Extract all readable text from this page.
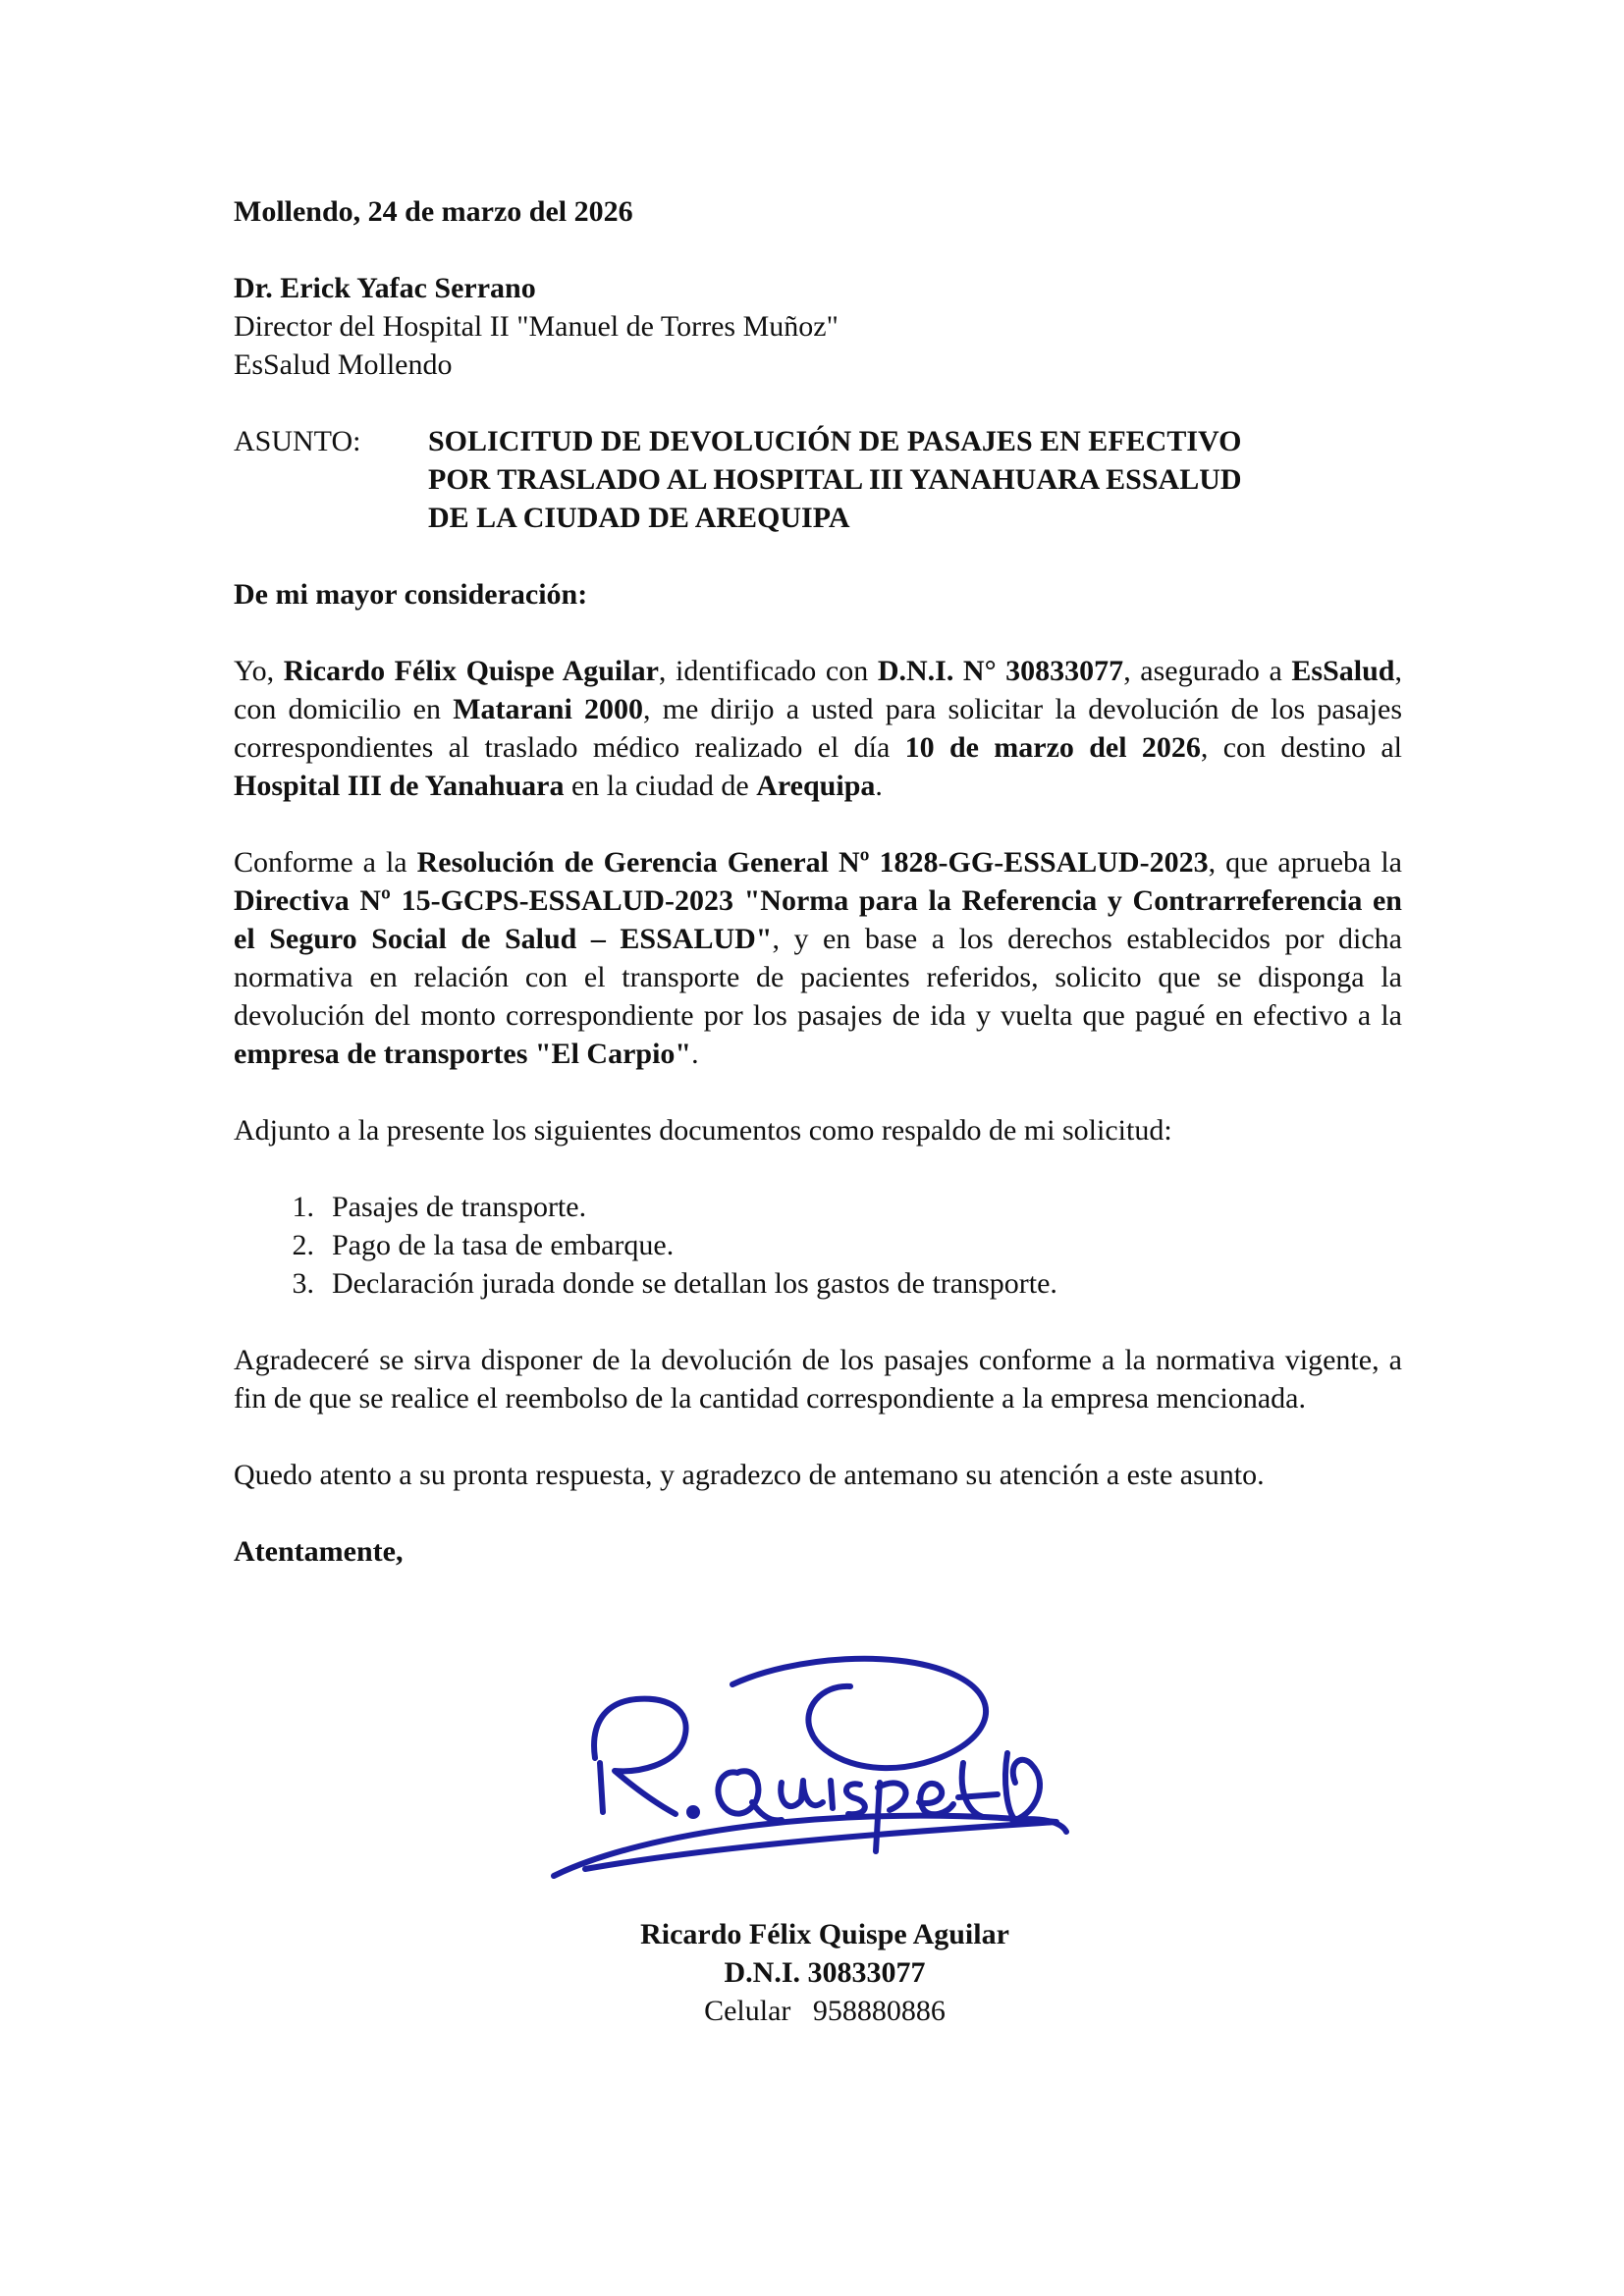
Mollendo, 24 de marzo del 2026
Dr. Erick Yafac Serrano
Director del Hospital II "Manuel de Torres Muñoz"
EsSalud Mollendo
ASUNTO:	SOLICITUD DE DEVOLUCIÓN DE PASAJES EN EFECTIVO
POR TRASLADO AL HOSPITAL III YANAHUARA ESSALUD
DE LA CIUDAD DE AREQUIPA
De mi mayor consideración:
Yo, Ricardo Félix Quispe Aguilar, identificado con D.N.I. N° 30833077, asegurado a EsSalud, con domicilio en Matarani 2000, me dirijo a usted para solicitar la devolución de los pasajes correspondientes al traslado médico realizado el día 10 de marzo del 2026, con destino al Hospital III de Yanahuara en la ciudad de Arequipa.
Conforme a la Resolución de Gerencia General Nº 1828-GG-ESSALUD-2023, que aprueba la Directiva Nº 15-GCPS-ESSALUD-2023 "Norma para la Referencia y Contrarreferencia en el Seguro Social de Salud – ESSALUD", y en base a los derechos establecidos por dicha normativa en relación con el transporte de pacientes referidos, solicito que se disponga la devolución del monto correspondiente por los pasajes de ida y vuelta que pagué en efectivo a la empresa de transportes "El Carpio".
Adjunto a la presente los siguientes documentos como respaldo de mi solicitud:
1. Pasajes de transporte.
2. Pago de la tasa de embarque.
3. Declaración jurada donde se detallan los gastos de transporte.
Agradeceré se sirva disponer de la devolución de los pasajes conforme a la normativa vigente, a fin de que se realice el reembolso de la cantidad correspondiente a la empresa mencionada.
Quedo atento a su pronta respuesta, y agradezco de antemano su atención a este asunto.
Atentamente,
Ricardo Félix Quispe Aguilar
D.N.I. 30833077
Celular   958880886
